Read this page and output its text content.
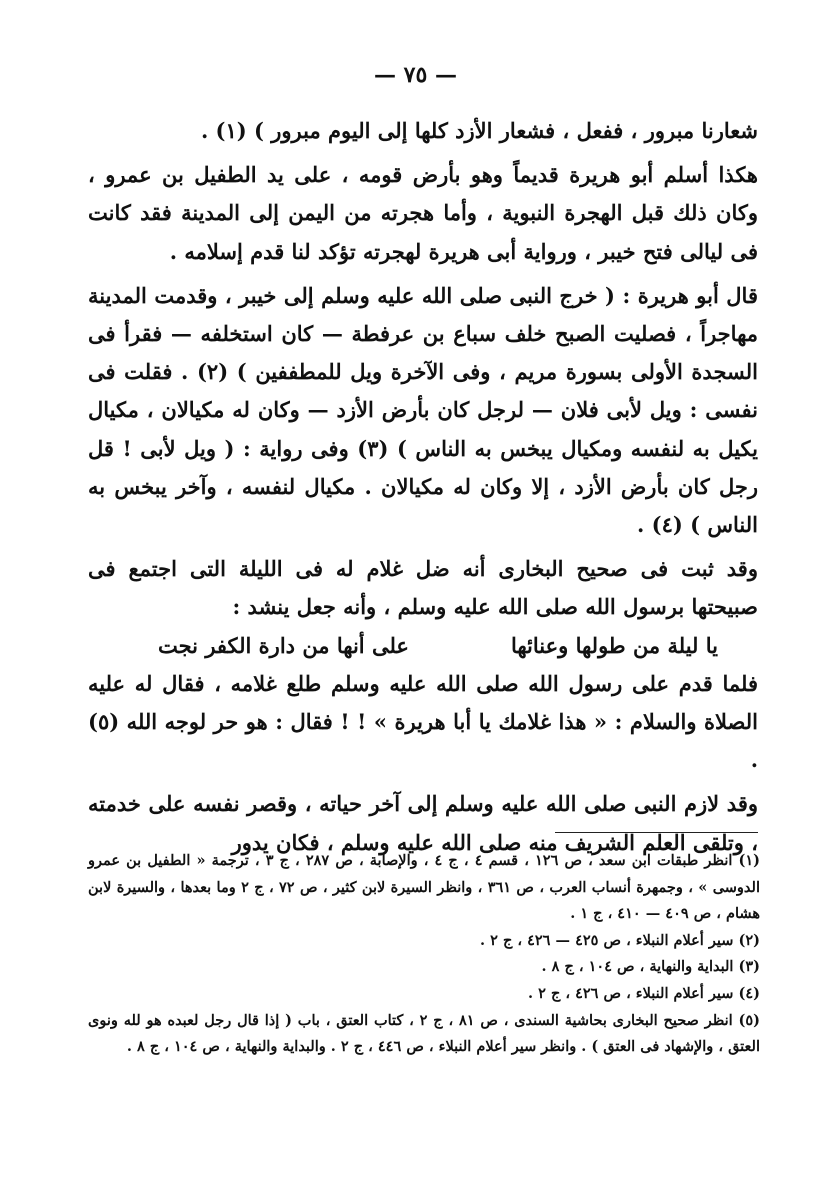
— ٧٥ —

شعارنا مبرور ، ففعل ، فشعار الأزد كلها إلى اليوم مبرور ) (١) .

هكذا أسلم أبو هريرة قديماً وهو بأرض قومه ، على يد الطفيل بن عمرو ، وكان ذلك قبل الهجرة النبوية ، وأما هجرته من اليمن إلى المدينة فقد كانت فى ليالى فتح خيبر ، ورواية أبى هريرة لهجرته تؤكد لنا قدم إسلامه .

قال أبو هريرة : ( خرج النبى صلى الله عليه وسلم إلى خيبر ، وقدمت المدينة مهاجراً ، فصليت الصبح خلف سباع بن عرفطة — كان استخلفه — فقرأ فى السجدة الأولى بسورة مريم ، وفى الآخرة ويل للمطففين ) (٢) . فقلت فى نفسى : ويل لأبى فلان — لرجل كان بأرض الأزد — وكان له مكيالان ، مكيال يكيل به لنفسه ومكيال يبخس به الناس ) (٣) وفى رواية : ( ويل لأبى ! قل رجل كان بأرض الأزد ، إلا وكان له مكيالان . مكيال لنفسه ، وآخر يبخس به الناس ) (٤) .

وقد ثبت فى صحيح البخارى أنه ضل غلام له فى الليلة التى اجتمع فى صبيحتها برسول الله صلى الله عليه وسلم ، وأنه جعل ينشد :

يا ليلة من طولها وعنائها
على أنها من دارة الكفر نجت

فلما قدم على رسول الله صلى الله عليه وسلم طلع غلامه ، فقال له عليه الصلاة والسلام : « هذا غلامك يا أبا هريرة » ! ! فقال : هو حر لوجه الله (٥) .

وقد لازم النبى صلى الله عليه وسلم إلى آخر حياته ، وقصر نفسه على خدمته ، وتلقى العلم الشريف منه صلى الله عليه وسلم ، فكان يدور

(١) انظر طبقات ابن سعد ، ص ١٢٦ ، قسم ٤ ، ج ٤ ، والإصابة ، ص ٢٨٧ ، ج ٣ ، ترجمة « الطفيل بن عمرو الدوسى » ، وجمهرة أنساب العرب ، ص ٣٦١ ، وانظر السيرة لابن كثير ، ص ٧٢ ، ج ٢ وما بعدها ، والسيرة لابن هشام ، ص ٤٠٩ — ٤١٠ ، ج ١ .

(٢) سير أعلام النبلاء ، ص ٤٢٥ — ٤٢٦ ، ج ٢ .

(٣) البداية والنهاية ، ص ١٠٤ ، ج ٨ .

(٤) سير أعلام النبلاء ، ص ٤٢٦ ، ج ٢ .

(٥) انظر صحيح البخارى بحاشية السندى ، ص ٨١ ، ج ٢ ، كتاب العتق ، باب ( إذا قال رجل لعبده هو لله ونوى العتق ، والإشهاد فى العتق ) . وانظر سير أعلام النبلاء ، ص ٤٤٦ ، ج ٢ . والبداية والنهاية ، ص ١٠٤ ، ج ٨ .
